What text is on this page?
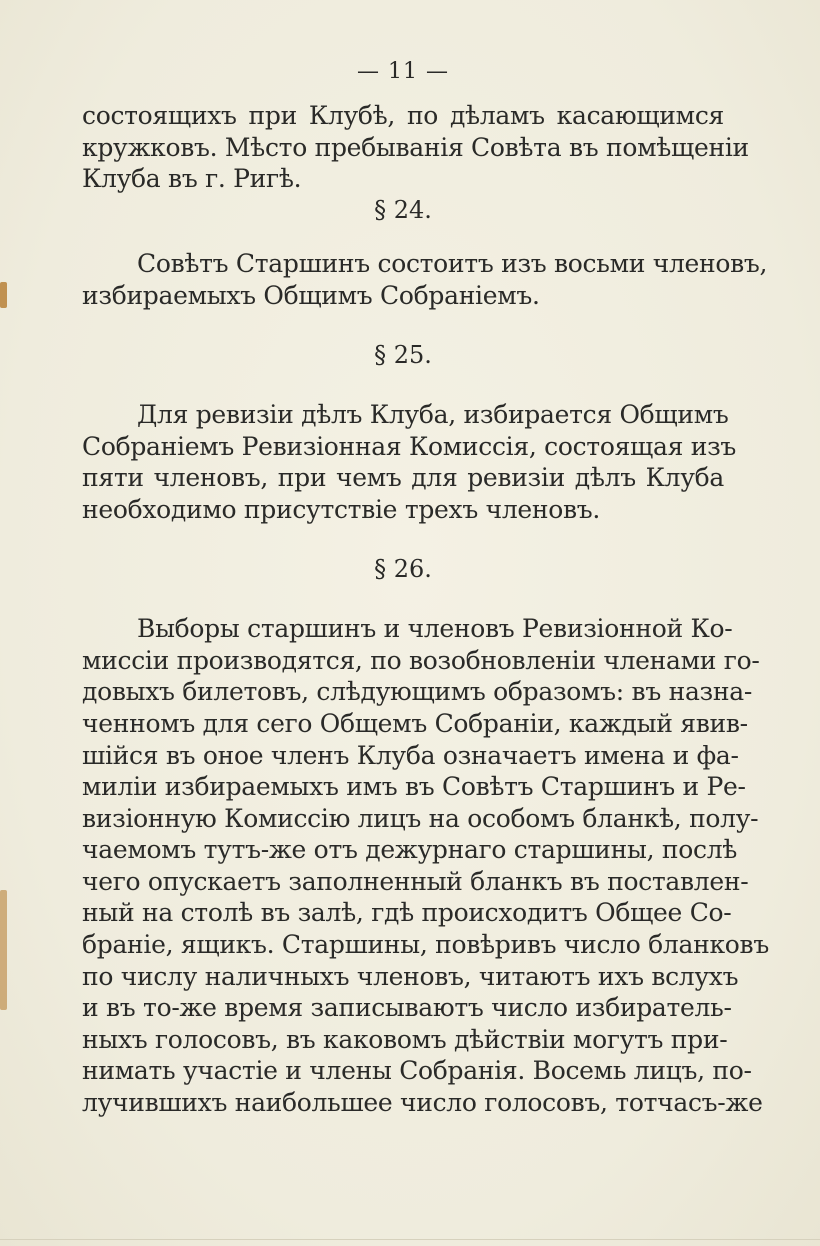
— 11 —
состоящихъ при Клубѣ, по дѣламъ касающимся
кружковъ. Мѣсто пребыванія Совѣта въ помѣщеніи
Клуба въ г. Ригѣ.
§ 24.
Совѣтъ Старшинъ состоитъ изъ восьми членовъ,
избираемыхъ Общимъ Собраніемъ.
§ 25.
Для ревизіи дѣлъ Клуба, избирается Общимъ
Собраніемъ Ревизіонная Комиссія, состоящая изъ
пяти членовъ, при чемъ для ревизіи дѣлъ Клуба
необходимо присутствіе трехъ членовъ.
§ 26.
Выборы старшинъ и членовъ Ревизіонной Ко-
миссіи производятся, по возобновленіи членами го-
довыхъ билетовъ, слѣдующимъ образомъ: въ назна-
ченномъ для сего Общемъ Собраніи, каждый явив-
шійся въ оное членъ Клуба означаетъ имена и фа-
миліи избираемыхъ имъ въ Совѣтъ Старшинъ и Ре-
визіонную Комиссію лицъ на особомъ бланкѣ, полу-
чаемомъ тутъ-же отъ дежурнаго старшины, послѣ
чего опускаетъ заполненный бланкъ въ поставлен-
ный на столѣ въ залѣ, гдѣ происходитъ Общее Со-
браніе, ящикъ. Старшины, повѣривъ число бланковъ
по числу наличныхъ членовъ, читаютъ ихъ вслухъ
и въ то-же время записываютъ число избиратель-
ныхъ голосовъ, въ каковомъ дѣйствіи могутъ при-
нимать участіе и члены Собранія. Восемь лицъ, по-
лучившихъ наибольшее число голосовъ, тотчасъ-же
